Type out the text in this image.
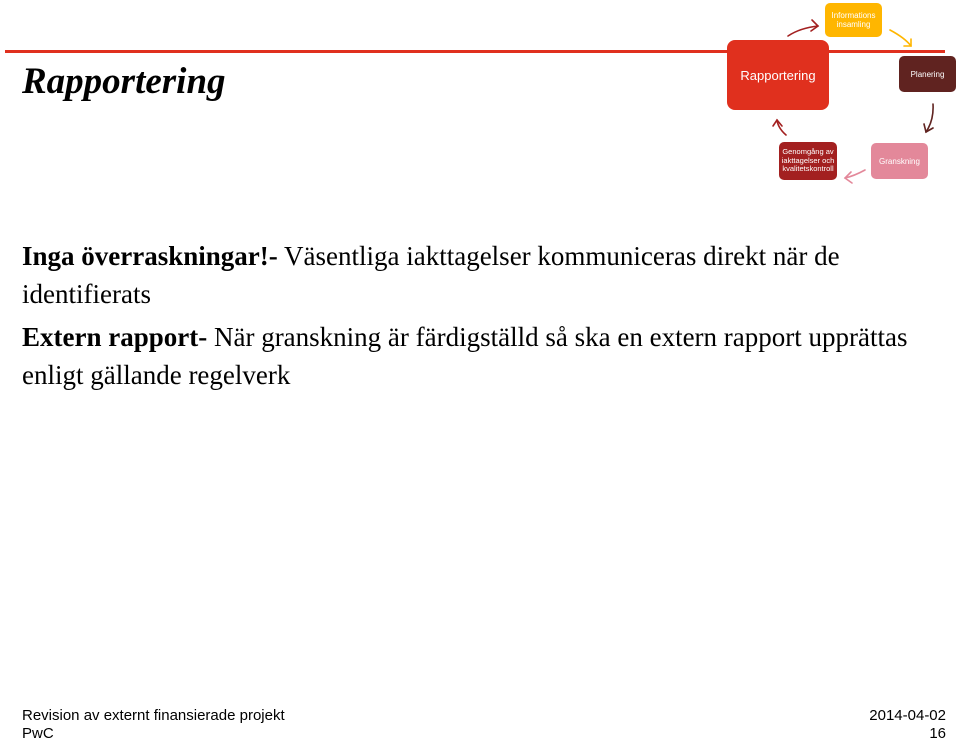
Rapportering
Informations insamling
Rapportering	Planering
Genomgång av iakttagelser och kvalitetskontroll
Granskning

Inga överraskningar!- Väsentliga iakttagelser kommuniceras direkt när de identifierats

Extern rapport- När granskning är färdigställd så ska en extern rapport upprättas enligt gällande regelverk

Revision av externt finansierade projekt
PwC
2014-04-02
16
